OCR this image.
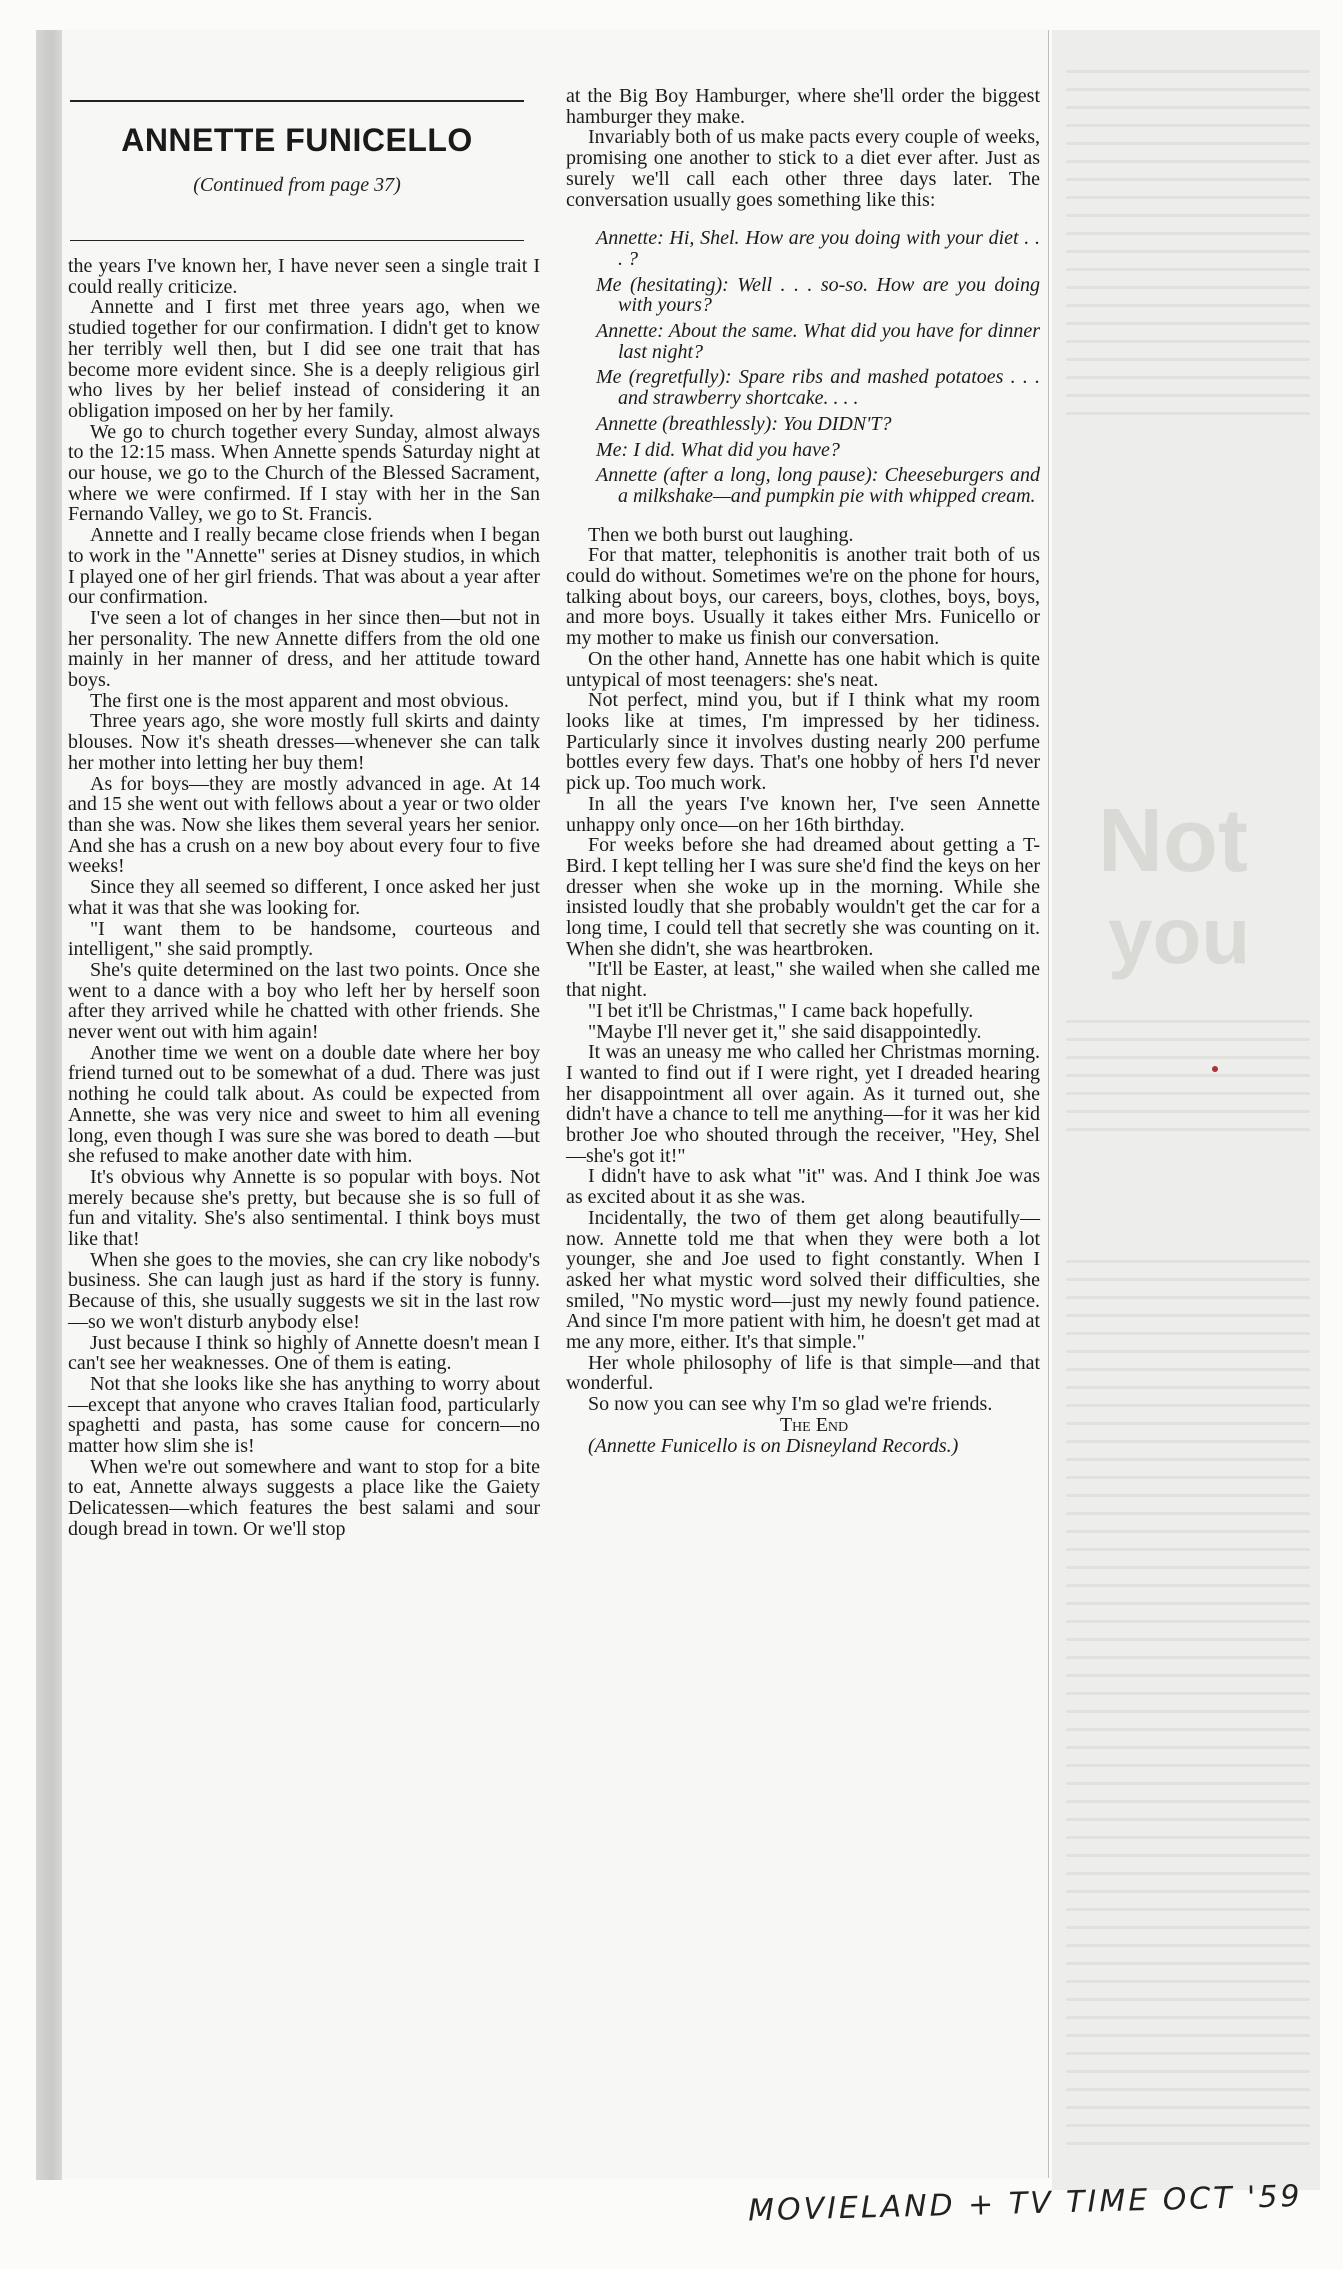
Not
you
ANNETTE FUNICELLO
(Continued from page 37)

the years I've known her, I have never seen a single trait I could really criticize.

Annette and I first met three years ago, when we studied together for our confirmation. I didn't get to know her terribly well then, but I did see one trait that has become more evident since. She is a deeply religious girl who lives by her belief instead of considering it an obligation imposed on her by her family.

We go to church together every Sunday, almost always to the 12:15 mass. When Annette spends Saturday night at our house, we go to the Church of the Blessed Sacrament, where we were confirmed. If I stay with her in the San Fernando Valley, we go to St. Francis.

Annette and I really became close friends when I began to work in the "Annette" series at Disney studios, in which I played one of her girl friends. That was about a year after our confirmation.

I've seen a lot of changes in her since then—but not in her personality. The new Annette differs from the old one mainly in her manner of dress, and her attitude toward boys.

The first one is the most apparent and most obvious.

Three years ago, she wore mostly full skirts and dainty blouses. Now it's sheath dresses—whenever she can talk her mother into letting her buy them!

As for boys—they are mostly advanced in age. At 14 and 15 she went out with fellows about a year or two older than she was. Now she likes them several years her senior. And she has a crush on a new boy about every four to five weeks!

Since they all seemed so different, I once asked her just what it was that she was looking for.

"I want them to be handsome, courteous and intelligent," she said promptly.

She's quite determined on the last two points. Once she went to a dance with a boy who left her by herself soon after they arrived while he chatted with other friends. She never went out with him again!

Another time we went on a double date where her boy friend turned out to be somewhat of a dud. There was just nothing he could talk about. As could be expected from Annette, she was very nice and sweet to him all evening long, even though I was sure she was bored to death —but she refused to make another date with him.

It's obvious why Annette is so popular with boys. Not merely because she's pretty, but because she is so full of fun and vitality. She's also sentimental. I think boys must like that!

When she goes to the movies, she can cry like nobody's business. She can laugh just as hard if the story is funny. Because of this, she usually suggests we sit in the last row—so we won't disturb anybody else!

Just because I think so highly of Annette doesn't mean I can't see her weaknesses. One of them is eating.

Not that she looks like she has anything to worry about—except that anyone who craves Italian food, particularly spaghetti and pasta, has some cause for concern—no matter how slim she is!

When we're out somewhere and want to stop for a bite to eat, Annette always suggests a place like the Gaiety Delicatessen—which features the best salami and sour dough bread in town. Or we'll stop

at the Big Boy Hamburger, where she'll order the biggest hamburger they make.

Invariably both of us make pacts every couple of weeks, promising one another to stick to a diet ever after. Just as surely we'll call each other three days later. The conversation usually goes something like this:

Annette: Hi, Shel. How are you doing with your diet . . . ?

Me (hesitating): Well . . . so-so. How are you doing with yours?

Annette: About the same. What did you have for dinner last night?

Me (regretfully): Spare ribs and mashed potatoes . . . and strawberry shortcake. . . .

Annette (breathlessly): You DIDN'T?

Me: I did. What did you have?

Annette (after a long, long pause): Cheeseburgers and a milkshake—and pumpkin pie with whipped cream.

Then we both burst out laughing.

For that matter, telephonitis is another trait both of us could do without. Sometimes we're on the phone for hours, talking about boys, our careers, boys, clothes, boys, boys, and more boys. Usually it takes either Mrs. Funicello or my mother to make us finish our conversation.

On the other hand, Annette has one habit which is quite untypical of most teenagers: she's neat.

Not perfect, mind you, but if I think what my room looks like at times, I'm impressed by her tidiness. Particularly since it involves dusting nearly 200 perfume bottles every few days. That's one hobby of hers I'd never pick up. Too much work.

In all the years I've known her, I've seen Annette unhappy only once—on her 16th birthday.

For weeks before she had dreamed about getting a T-Bird. I kept telling her I was sure she'd find the keys on her dresser when she woke up in the morning. While she insisted loudly that she probably wouldn't get the car for a long time, I could tell that secretly she was counting on it. When she didn't, she was heartbroken.

"It'll be Easter, at least," she wailed when she called me that night.

"I bet it'll be Christmas," I came back hopefully.

"Maybe I'll never get it," she said disappointedly.

It was an uneasy me who called her Christmas morning. I wanted to find out if I were right, yet I dreaded hearing her disappointment all over again. As it turned out, she didn't have a chance to tell me anything—for it was her kid brother Joe who shouted through the receiver, "Hey, Shel—she's got it!"

I didn't have to ask what "it" was. And I think Joe was as excited about it as she was.

Incidentally, the two of them get along beautifully—now. Annette told me that when they were both a lot younger, she and Joe used to fight constantly. When I asked her what mystic word solved their difficulties, she smiled, "No mystic word—just my newly found patience. And since I'm more patient with him, he doesn't get mad at me any more, either. It's that simple."

Her whole philosophy of life is that simple—and that wonderful.

So now you can see why I'm so glad we're friends.

The End

(Annette Funicello is on Disneyland Records.)

MOVIELAND + TV TIME OCT '59
